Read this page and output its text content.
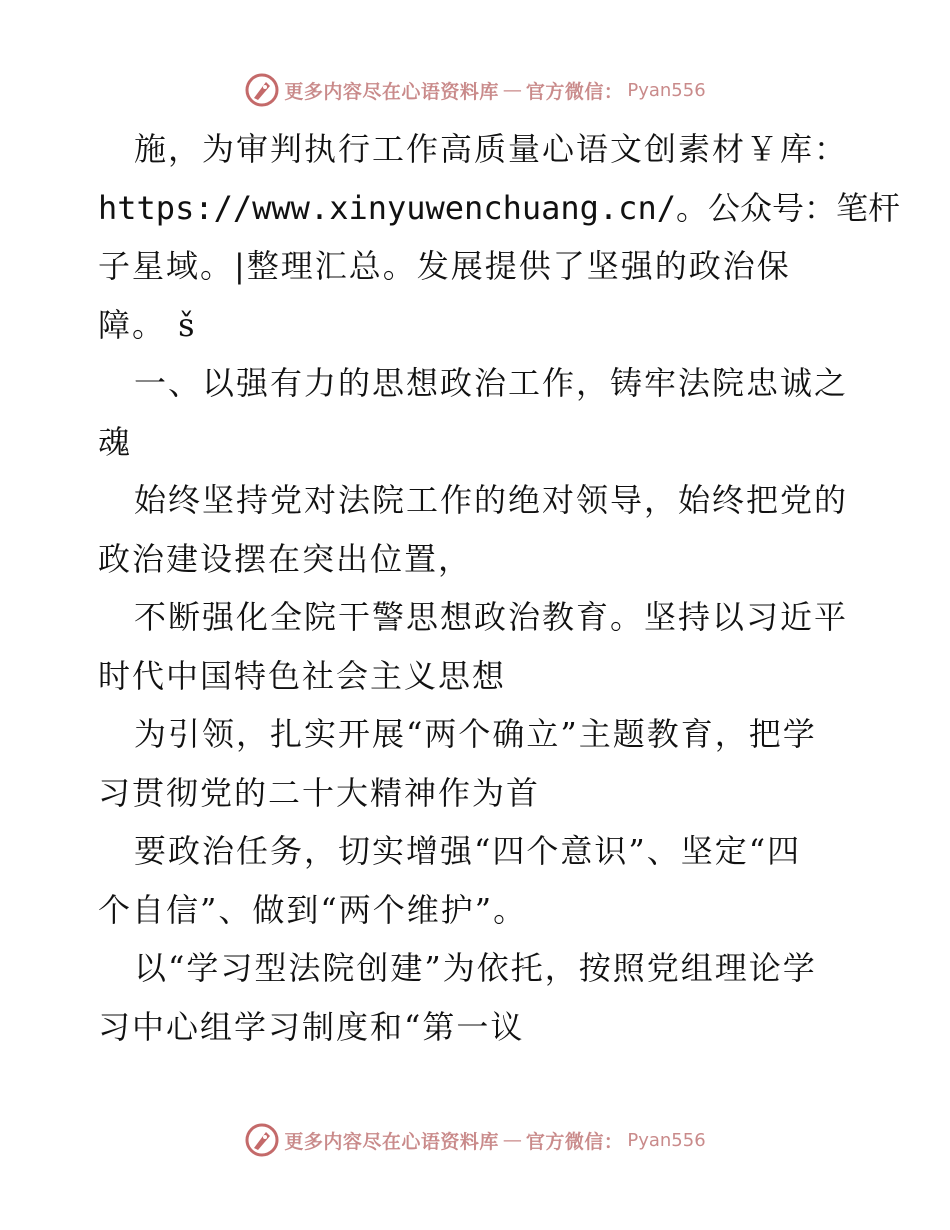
更多内容尽在心语资料库 — 官方微信： Pyan556

施，为审判执行工作高质量心语文创素材￥库：
https://www.xinyuwenchuang.cn/。公众号：笔杆
子星域。|整理汇总。发展提供了坚强的政治保
障。 š

一、以强有力的思想政治工作，铸牢法院忠诚之
魂

始终坚持党对法院工作的绝对领导，始终把党的
政治建设摆在突出位置，

不断强化全院干警思想政治教育。坚持以习近平
时代中国特色社会主义思想

为引领，扎实开展“两个确立”主题教育，把学
习贯彻党的二十大精神作为首

要政治任务，切实增强“四个意识”、坚定“四
个自信”、做到“两个维护”。

以“学习型法院创建”为依托，按照党组理论学
习中心组学习制度和“第一议

更多内容尽在心语资料库 — 官方微信： Pyan556
